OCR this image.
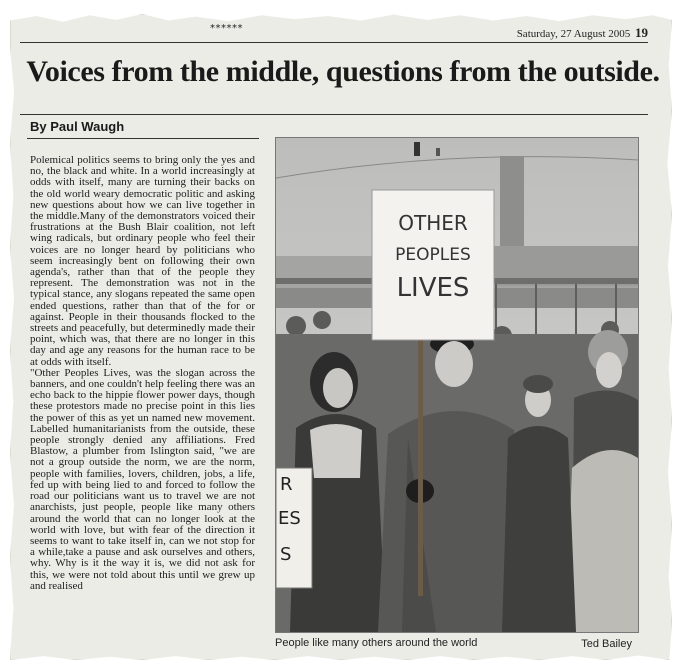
******	Saturday, 27 August 2005 19
Voices from the middle, questions from the outside.
By Paul Waugh

Polemical politics seems to bring only the yes and no, the black and white. In a world increasingly at odds with itself, many are turning their backs on the old world weary democratic politic and asking new questions about how we can live together in the middle.Many of the demonstrators voiced their frustrations at the Bush Blair coalition, not left wing radicals, but ordinary people who feel their voices are no longer heard by politicians who seem increasingly bent on following their own agenda's, rather than that of the people they represent. The demonstration was not in the typical stance, any slogans repeated the same open ended questions, rather than that of the for or against. People in their thousands flocked to the streets and peacefully, but determinedly made their point, which was, that there are no longer in this day and age any reasons for the human race to be at odds with itself.

"Other Peoples Lives, was the slogan across the banners, and one couldn't help feeling there was an echo back to the hippie flower power days, though these protestors made no precise point in this lies the power of this as yet un named new movement. Labelled humanitarianists from the outside, these people strongly denied any affiliations. Fred Blastow, a plumber from Islington said, "we are not a group outside the norm, we are the norm, people with families, lovers, children, jobs, a life, fed up with being lied to and forced to follow the road our politicians want us to travel we are not anarchists, just people, people like many others around the world that can no longer look at the world with love, but with fear of the direction it seems to want to take itself in, can we not stop for a while,take a pause and ask ourselves and others, why. Why is it the way it is, we did not ask for this, we were not told about this until we grew up and realised

R
ES
S
OTHER
PEOPLES
LIVES
People like many others around the world	Ted Bailey
